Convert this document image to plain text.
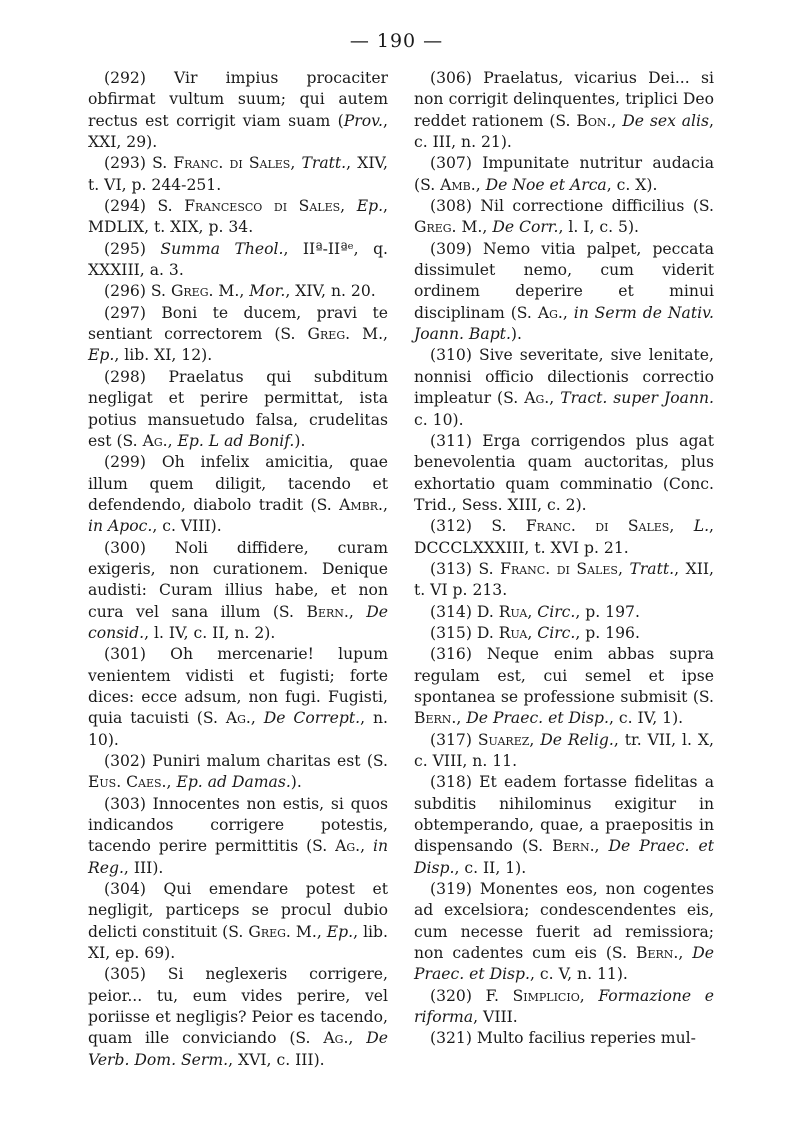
— 190 —

(292) Vir impius procaciter obfirmat vultum suum; qui autem rectus est corrigit viam suam (Prov., XXI, 29).

(293) S. Franc. di Sales, Tratt., XIV, t. VI, p. 244-251.

(294) S. Francesco di Sales, Ep., MDLIX, t. XIX, p. 34.

(295) Summa Theol., IIª-IIªᵉ, q. XXXIII, a. 3.

(296) S. Greg. M., Mor., XIV, n. 20.

(297) Boni te ducem, pravi te sentiant correctorem (S. Greg. M., Ep., lib. XI, 12).

(298) Praelatus qui subditum negligat et perire permittat, ista potius mansuetudo falsa, crudelitas est (S. Ag., Ep. L ad Bonif.).

(299) Oh infelix amicitia, quae illum quem diligit, tacendo et defendendo, diabolo tradit (S. Ambr., in Apoc., c. VIII).

(300) Noli diffidere, curam exigeris, non curationem. Denique audisti: Curam illius habe, et non cura vel sana illum (S. Bern., De consid., l. IV, c. II, n. 2).

(301) Oh mercenarie! lupum venientem vidisti et fugisti; forte dices: ecce adsum, non fugi. Fugisti, quia tacuisti (S. Ag., De Corrept., n. 10).

(302) Puniri malum charitas est (S. Eus. Caes., Ep. ad Damas.).

(303) Innocentes non estis, si quos indicandos corrigere potestis, tacendo perire permittitis (S. Ag., in Reg., III).

(304) Qui emendare potest et negligit, particeps se procul dubio delicti constituit (S. Greg. M., Ep., lib. XI, ep. 69).

(305) Si neglexeris corrigere, peior... tu, eum vides perire, vel poriisse et negligis? Peior es tacendo, quam ille conviciando (S. Ag., De Verb. Dom. Serm., XVI, c. III).

(306) Praelatus, vicarius Dei... si non corrigit delinquentes, triplici Deo reddet rationem (S. Bon., De sex alis, c. III, n. 21).

(307) Impunitate nutritur audacia (S. Amb., De Noe et Arca, c. X).

(308) Nil correctione difficilius (S. Greg. M., De Corr., l. I, c. 5).

(309) Nemo vitia palpet, peccata dissimulet nemo, cum viderit ordinem deperire et minui disciplinam (S. Ag., in Serm de Nativ. Joann. Bapt.).

(310) Sive severitate, sive lenitate, nonnisi officio dilectionis correctio impleatur (S. Ag., Tract. super Joann. c. 10).

(311) Erga corrigendos plus agat benevolentia quam auctoritas, plus exhortatio quam comminatio (Conc. Trid., Sess. XIII, c. 2).

(312) S. Franc. di Sales, L., DCCCLXXXIII, t. XVI p. 21.

(313) S. Franc. di Sales, Tratt., XII, t. VI p. 213.

(314) D. Rua, Circ., p. 197.

(315) D. Rua, Circ., p. 196.

(316) Neque enim abbas supra regulam est, cui semel et ipse spontanea se professione submisit (S. Bern., De Praec. et Disp., c. IV, 1).

(317) Suarez, De Relig., tr. VII, l. X, c. VIII, n. 11.

(318) Et eadem fortasse fidelitas a subditis nihilominus exigitur in obtemperando, quae, a praepositis in dispensando (S. Bern., De Praec. et Disp., c. II, 1).

(319) Monentes eos, non cogentes ad excelsiora; condescendentes eis, cum necesse fuerit ad remissiora; non cadentes cum eis (S. Bern., De Praec. et Disp., c. V, n. 11).

(320) F. Simplicio, Formazione e riforma, VIII.

(321) Multo facilius reperies mul-
